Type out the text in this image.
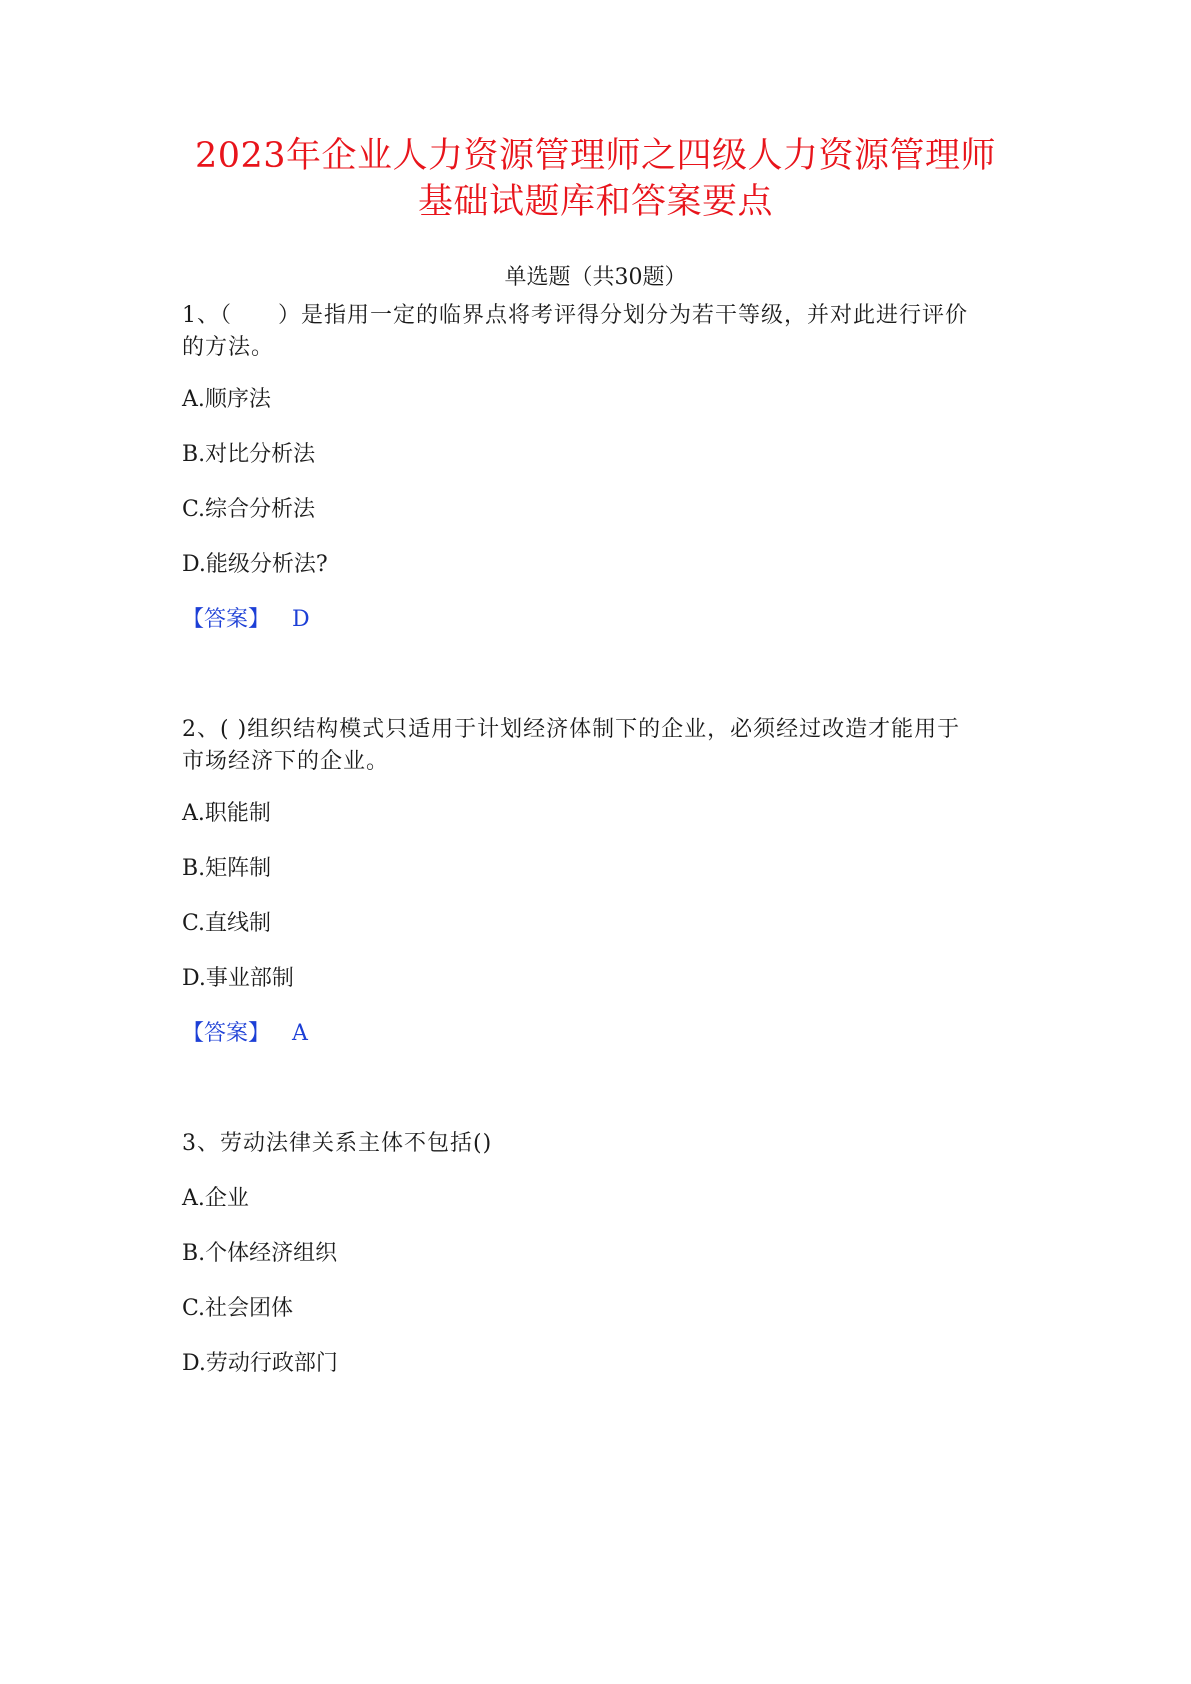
2023年企业人力资源管理师之四级人力资源管理师
基础试题库和答案要点
单选题（共30题）
1、（　　）是指用一定的临界点将考评得分划分为若干等级，并对此进行评价
的方法。
A.顺序法
B.对比分析法
C.综合分析法
D.能级分析法?
【答案】 D
2、( )组织结构模式只适用于计划经济体制下的企业，必须经过改造才能用于
市场经济下的企业。
A.职能制
B.矩阵制
C.直线制
D.事业部制
【答案】 A
3、劳动法律关系主体不包括()
A.企业
B.个体经济组织
C.社会团体
D.劳动行政部门
